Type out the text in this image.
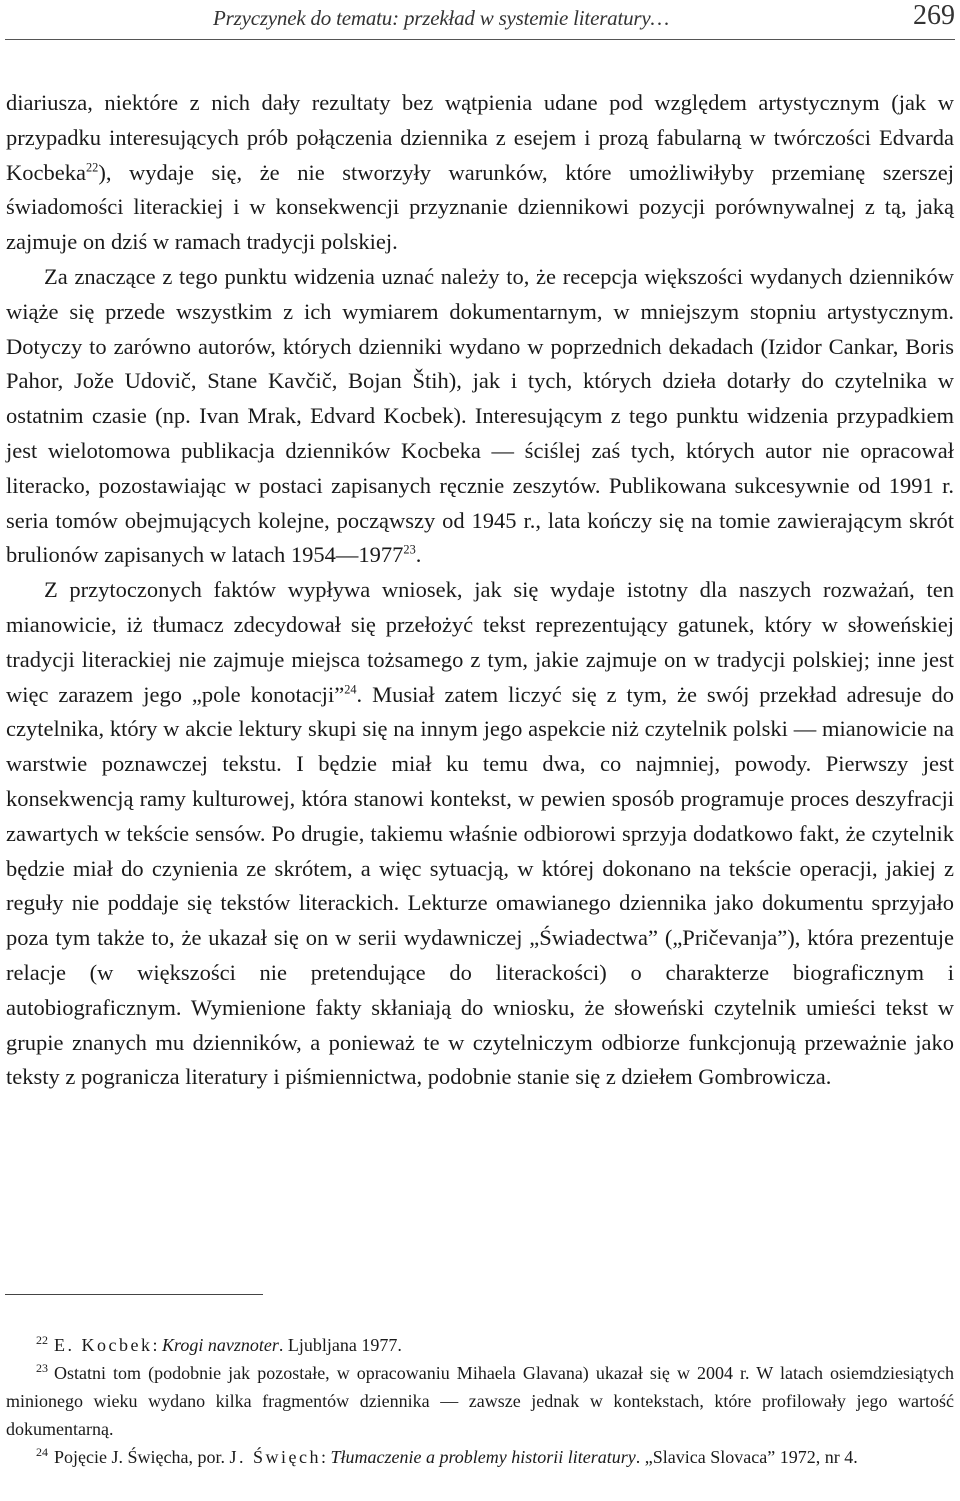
Przyczynek do tematu: przekład w systemie literatury…	269

diariusza, niektóre z nich dały rezultaty bez wątpienia udane pod względem artystycznym (jak w przypadku interesujących prób połączenia dziennika z esejem i prozą fabularną w twórczości Edvarda Kocbeka$^{22}$), wydaje się, że nie stworzyły warunków, które umożliwiłyby przemianę szerszej świadomości literackiej i w konsekwencji przyznanie dziennikowi pozycji porównywalnej z tą, jaką zajmuje on dziś w ramach tradycji polskiej.

Za znaczące z tego punktu widzenia uznać należy to, że recepcja większości wydanych dzienników wiąże się przede wszystkim z ich wymiarem dokumentarnym, w mniejszym stopniu artystycznym. Dotyczy to zarówno autorów, których dzienniki wydano w poprzednich dekadach (Izidor Cankar, Boris Pahor, Jože Udovič, Stane Kavčič, Bojan Štih), jak i tych, których dzieła dotarły do czytelnika w ostatnim czasie (np. Ivan Mrak, Edvard Kocbek). Interesującym z tego punktu widzenia przypadkiem jest wielotomowa publikacja dzienników Kocbeka — ściślej zaś tych, których autor nie opracował literacko, pozostawiając w postaci zapisanych ręcznie zeszytów. Publikowana sukcesywnie od 1991 r. seria tomów obejmujących kolejne, począwszy od 1945 r., lata kończy się na tomie zawierającym skrót brulionów zapisanych w latach 1954—1977$^{23}$.

Z przytoczonych faktów wypływa wniosek, jak się wydaje istotny dla naszych rozważań, ten mianowicie, iż tłumacz zdecydował się przełożyć tekst reprezentujący gatunek, który w słoweńskiej tradycji literackiej nie zajmuje miejsca tożsamego z tym, jakie zajmuje on w tradycji polskiej; inne jest więc zarazem jego „pole konotacji”$^{24}$. Musiał zatem liczyć się z tym, że swój przekład adresuje do czytelnika, który w akcie lektury skupi się na innym jego aspekcie niż czytelnik polski — mianowicie na warstwie poznawczej tekstu. I będzie miał ku temu dwa, co najmniej, powody. Pierwszy jest konsekwencją ramy kulturowej, która stanowi kontekst, w pewien sposób programuje proces deszyfracji zawartych w tekście sensów. Po drugie, takiemu właśnie odbiorowi sprzyja dodatkowo fakt, że czytelnik będzie miał do czynienia ze skrótem, a więc sytuacją, w której dokonano na tekście operacji, jakiej z reguły nie poddaje się tekstów literackich. Lekturze omawianego dziennika jako dokumentu sprzyjało poza tym także to, że ukazał się on w serii wydawniczej „Świadectwa” („Pričevanja”), która prezentuje relacje (w większości nie pretendujące do literackości) o charakterze biograficznym i autobiograficznym. Wymienione fakty skłaniają do wniosku, że słoweński czytelnik umieści tekst w grupie znanych mu dzienników, a ponieważ te w czytelniczym odbiorze funkcjonują przeważnie jako teksty z pogranicza literatury i piśmiennictwa, podobnie stanie się z dziełem Gombrowicza.

$^{22}$ E. Kocbek: Krogi navznoter. Ljubljana 1977.

$^{23}$ Ostatni tom (podobnie jak pozostałe, w opracowaniu Mihaela Glavana) ukazał się w 2004 r. W latach osiemdziesiątych minionego wieku wydano kilka fragmentów dziennika — zawsze jednak w kontekstach, które profilowały jego wartość dokumentarną.

$^{24}$ Pojęcie J. Święcha, por. J. Święch: Tłumaczenie a problemy historii literatury. „Slavica Slovaca” 1972, nr 4.
